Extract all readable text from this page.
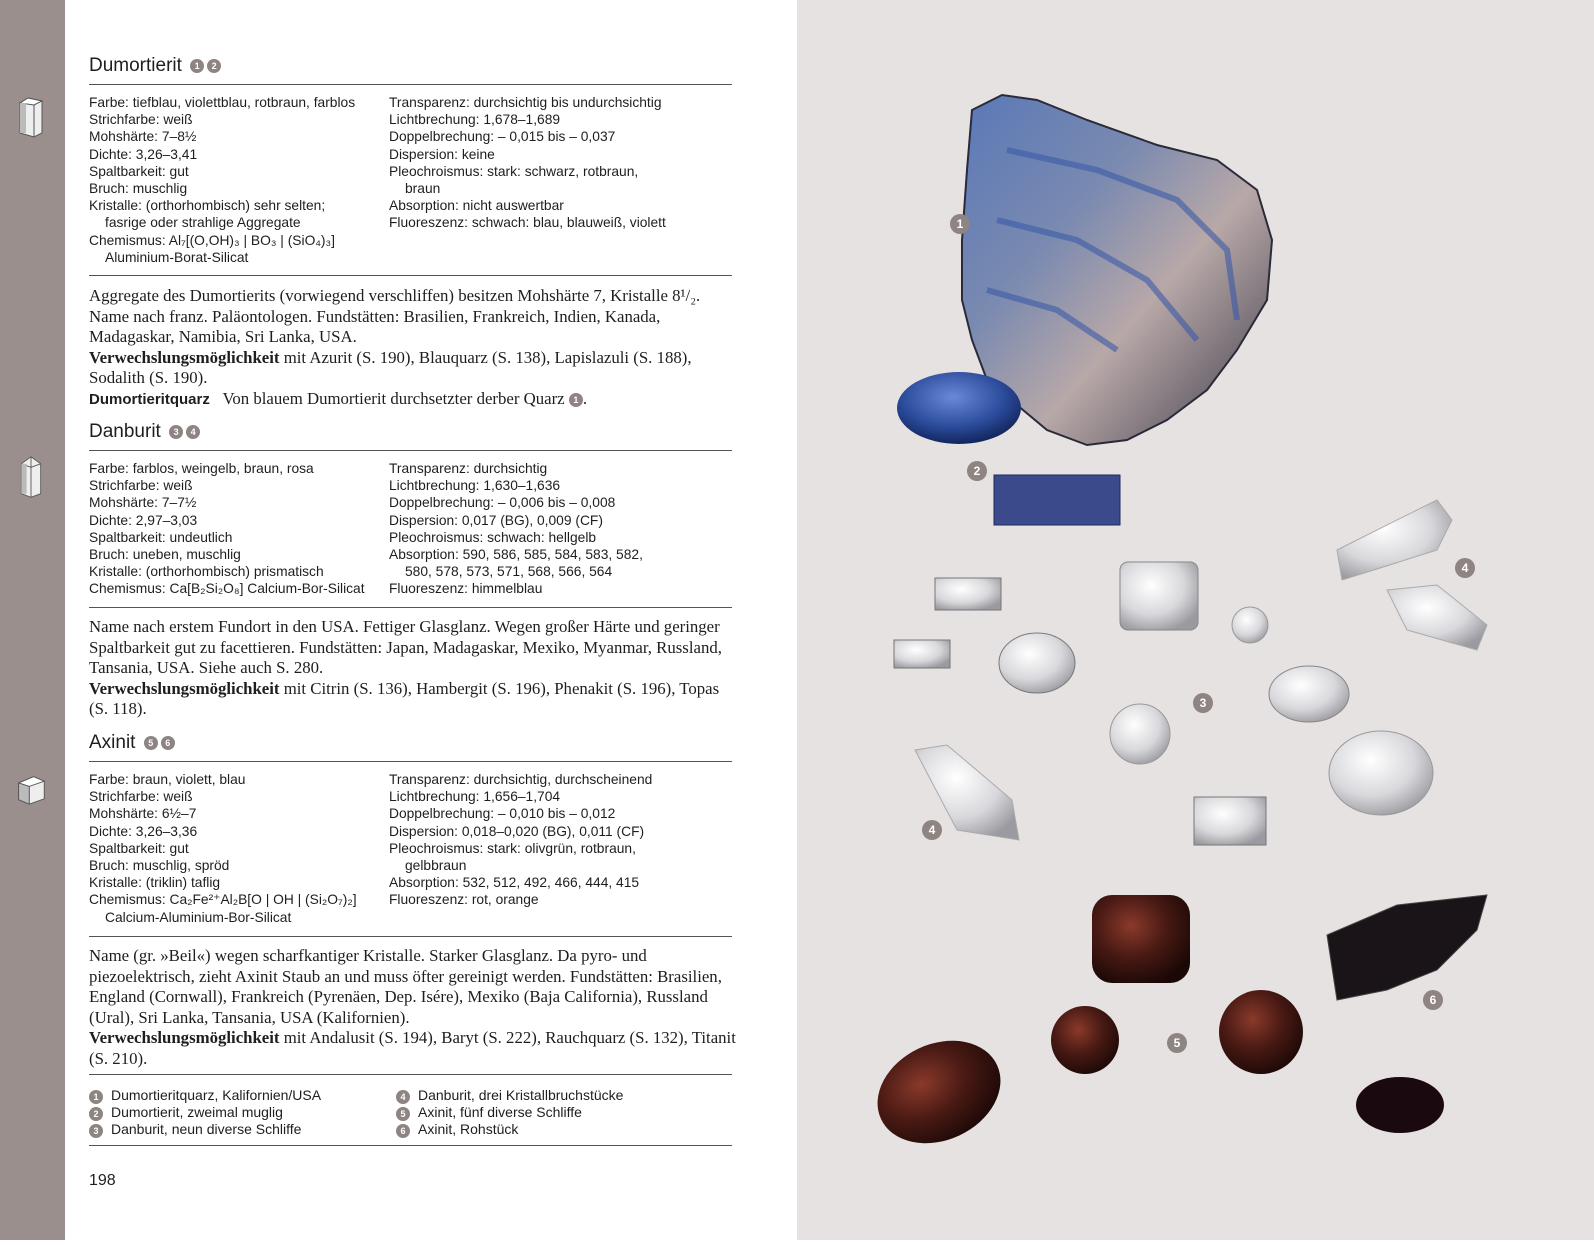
Dumortierit 1 2
Farbe: tiefblau, violettblau, rotbraun, farblos
Strichfarbe: weiß
Mohshärte: 7–8½
Dichte: 3,26–3,41
Spaltbarkeit: gut
Bruch: muschlig
Kristalle: (orthorhombisch) sehr selten;
fasrige oder strahlige Aggregate
Chemismus: Al₇[(O,OH)₃ | BO₃ | (SiO₄)₃]
Aluminium-Borat-Silicat
Transparenz: durchsichtig bis undurchsichtig
Lichtbrechung: 1,678–1,689
Doppelbrechung: – 0,015 bis – 0,037
Dispersion: keine
Pleochroismus: stark: schwarz, rotbraun,
braun
Absorption: nicht auswertbar
Fluoreszenz: schwach: blau, blauweiß, violett
Aggregate des Dumortierits (vorwiegend verschliffen) besitzen Mohshärte 7, Kristalle 8¹/₂. Name nach franz. Paläontologen. Fundstätten: Brasilien, Frankreich, Indien, Kanada, Madagaskar, Namibia, Sri Lanka, USA.
Verwechslungsmöglichkeit mit Azurit (S. 190), Blauquarz (S. 138), Lapislazuli (S. 188), Sodalith (S. 190).
Dumortieritquarz Von blauem Dumortierit durchsetzter derber Quarz 1 .
Danburit 3 4
Farbe: farblos, weingelb, braun, rosa
Strichfarbe: weiß
Mohshärte: 7–7½
Dichte: 2,97–3,03
Spaltbarkeit: undeutlich
Bruch: uneben, muschlig
Kristalle: (orthorhombisch) prismatisch
Chemismus: Ca[B₂Si₂O₈] Calcium-Bor-Silicat
Transparenz: durchsichtig
Lichtbrechung: 1,630–1,636
Doppelbrechung: – 0,006 bis – 0,008
Dispersion: 0,017 (BG), 0,009 (CF)
Pleochroismus: schwach: hellgelb
Absorption: 590, 586, 585, 584, 583, 582,
580, 578, 573, 571, 568, 566, 564
Fluoreszenz: himmelblau
Name nach erstem Fundort in den USA. Fettiger Glasglanz. Wegen großer Härte und geringer Spaltbarkeit gut zu facettieren. Fundstätten: Japan, Madagaskar, Mexiko, Myanmar, Russland, Tansania, USA. Siehe auch S. 280.
Verwechslungsmöglichkeit mit Citrin (S. 136), Hambergit (S. 196), Phenakit (S. 196), Topas (S. 118).
Axinit 5 6
Farbe: braun, violett, blau
Strichfarbe: weiß
Mohshärte: 6½–7
Dichte: 3,26–3,36
Spaltbarkeit: gut
Bruch: muschlig, spröd
Kristalle: (triklin) taflig
Chemismus: Ca₂Fe²⁺Al₂B[O | OH | (Si₂O₇)₂]
Calcium-Aluminium-Bor-Silicat
Transparenz: durchsichtig, durchscheinend
Lichtbrechung: 1,656–1,704
Doppelbrechung: – 0,010 bis – 0,012
Dispersion: 0,018–0,020 (BG), 0,011 (CF)
Pleochroismus: stark: olivgrün, rotbraun,
gelbbraun
Absorption: 532, 512, 492, 466, 444, 415
Fluoreszenz: rot, orange
Name (gr. »Beil«) wegen scharfkantiger Kristalle. Starker Glasglanz. Da pyro- und piezoelektrisch, zieht Axinit Staub an und muss öfter gereinigt werden. Fundstätten: Brasilien, England (Cornwall), Frankreich (Pyrenäen, Dep. Isére), Mexiko (Baja California), Russland (Ural), Sri Lanka, Tansania, USA (Kalifornien).
Verwechslungsmöglichkeit mit Andalusit (S. 194), Baryt (S. 222), Rauchquarz (S. 132), Titanit (S. 210).
1 Dumortieritquarz, Kalifornien/USA
2 Dumortierit, zweimal muglig
3 Danburit, neun diverse Schliffe
4 Danburit, drei Kristallbruchstücke
5 Axinit, fünf diverse Schliffe
6 Axinit, Rohstück
198
1
2
3
4
4
5
6
